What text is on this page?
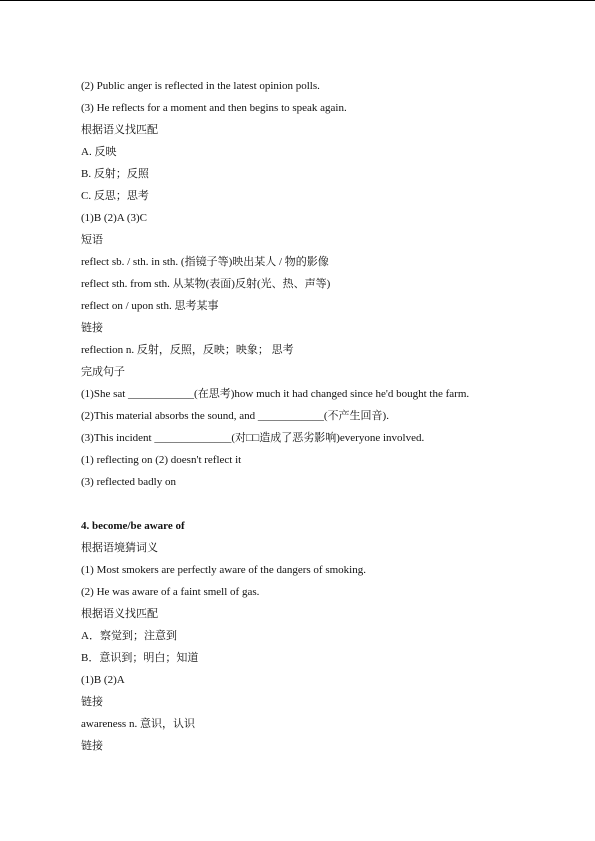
(2) Public anger is reflected in the latest opinion polls.
(3) He reflects for a moment and then begins to speak again.
根据语义找匹配
A. 反映
B. 反射；反照
C. 反思；思考
(1)B (2)A (3)C
短语
reflect sb. / sth. in sth. (指镜子等)映出某人 / 物的影像
reflect sth. from sth. 从某物(表面)反射(光、热、声等)
reflect on / upon sth. 思考某事
链接
reflection n. 反射，反照，反映；映象； 思考
完成句子
(1)She sat ____________(在思考)how much it had changed since he'd bought the farm.
(2)This material absorbs the sound, and ____________(不产生回音).
(3)This incident ______________(对□□造成了恶劣影响)everyone involved.
(1) reflecting on (2) doesn't reflect it
(3) reflected badly on
4. become/be aware of
根据语境猜词义
(1) Most smokers are perfectly aware of the dangers of smoking.
(2) He was aware of a faint smell of gas.
根据语义找匹配
A．察觉到；注意到
B．意识到；明白；知道
(1)B (2)A
链接
awareness n. 意识，认识
链接
